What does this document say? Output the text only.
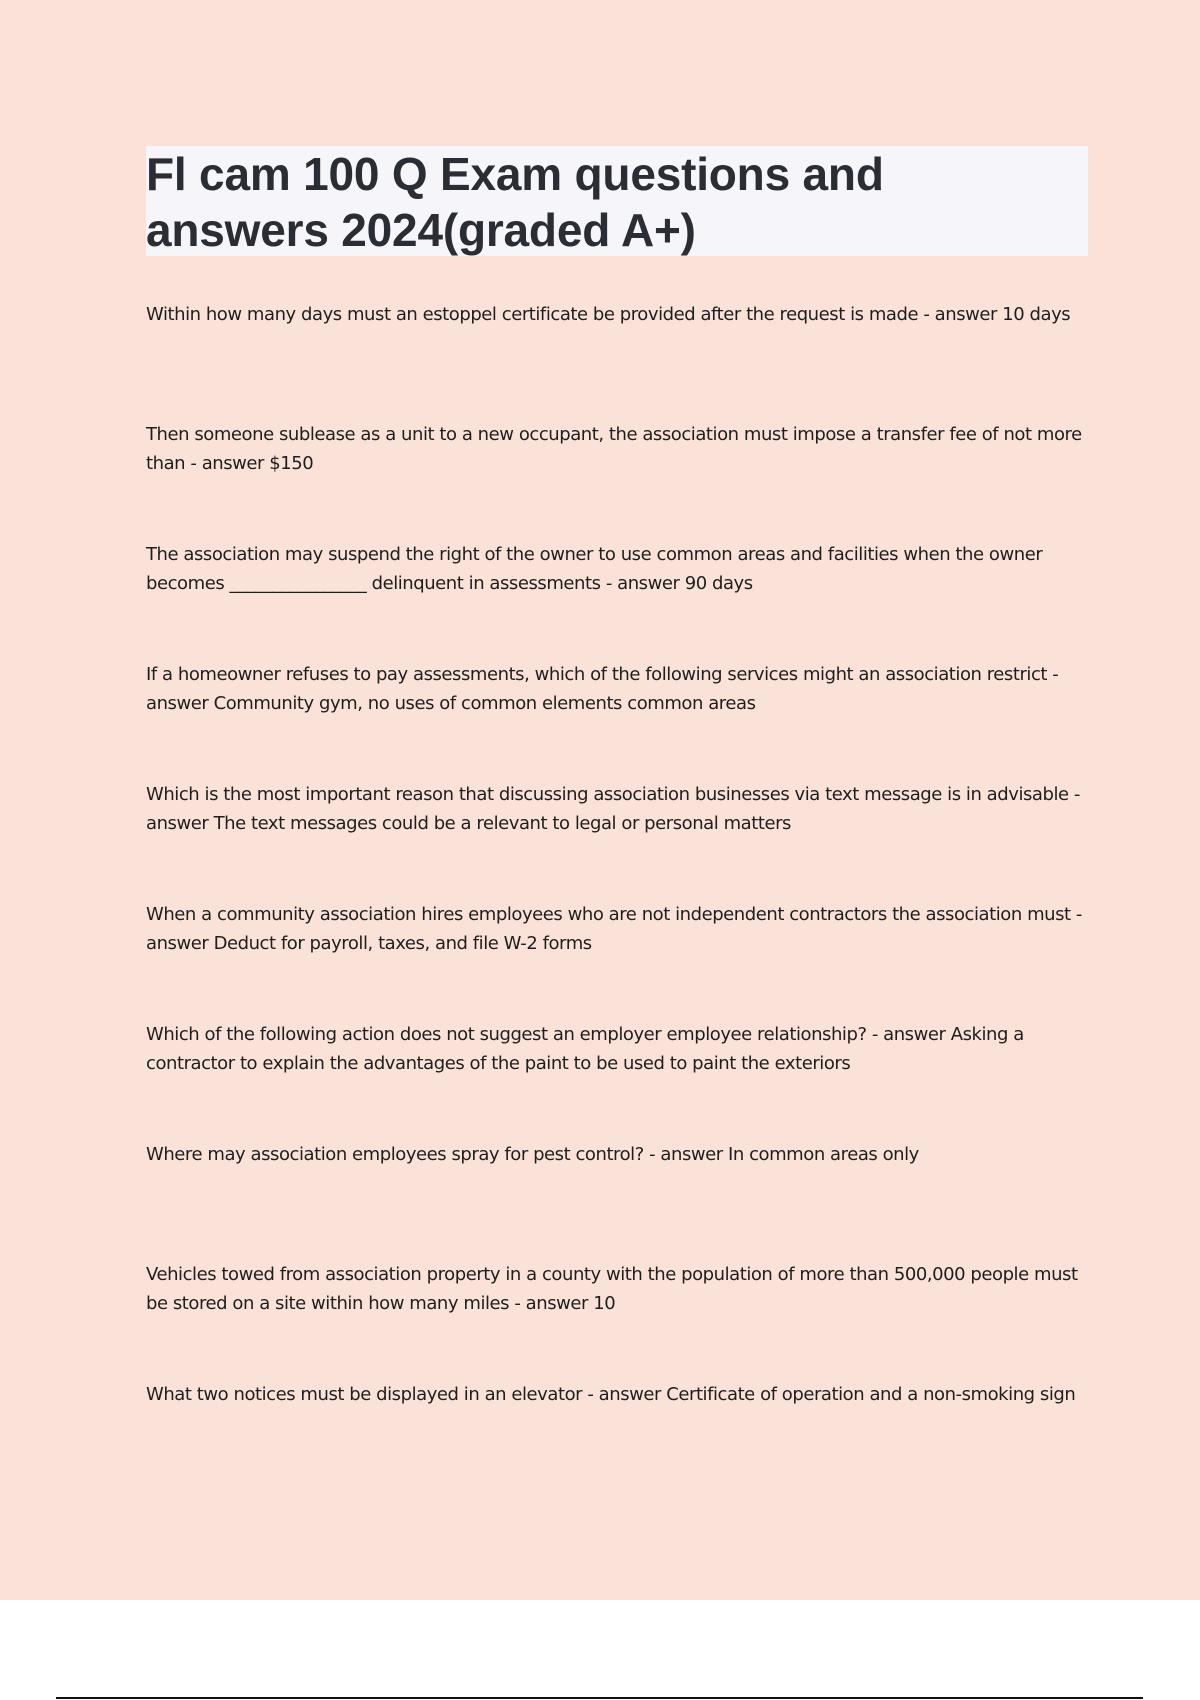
Fl cam 100 Q Exam questions and
answers 2024(graded A+)

Within how many days must an estoppel certificate be provided after the request is made - answer 10 days

Then someone sublease as a unit to a new occupant, the association must impose a transfer fee of not more than - answer $150

The association may suspend the right of the owner to use common areas and facilities when the owner becomes ________________ delinquent in assessments - answer 90 days

If a homeowner refuses to pay assessments, which of the following services might an association restrict - answer Community gym, no uses of common elements common areas

Which is the most important reason that discussing association businesses via text message is in advisable - answer The text messages could be a relevant to legal or personal matters

When a community association hires employees who are not independent contractors the association must - answer Deduct for payroll, taxes, and file W-2 forms

Which of the following action does not suggest an employer employee relationship? - answer Asking a contractor to explain the advantages of the paint to be used to paint the exteriors

Where may association employees spray for pest control? - answer In common areas only

Vehicles towed from association property in a county with the population of more than 500,000 people must be stored on a site within how many miles - answer 10

What two notices must be displayed in an elevator - answer Certificate of operation and a non-smoking sign
